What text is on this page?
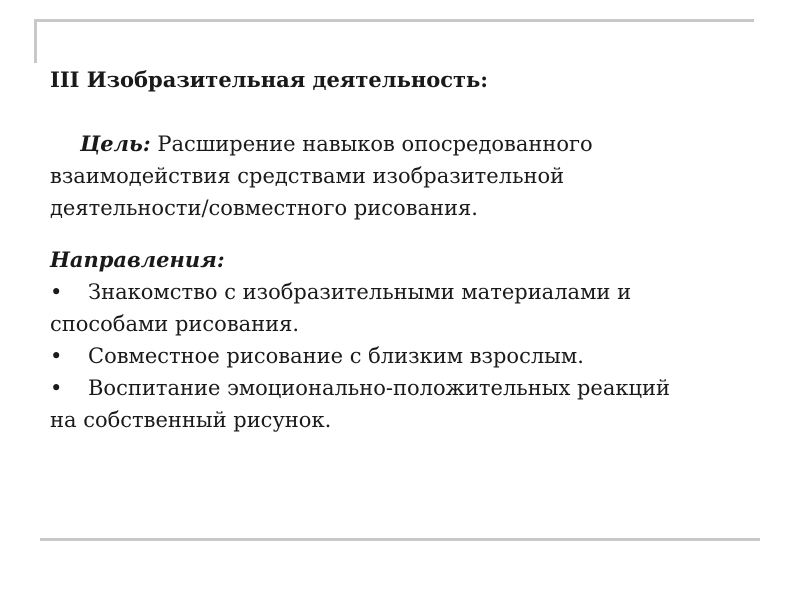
III Изобразительная деятельность:

Цель: Расширение навыков опосредованного

взаимодействия средствами изобразительной

деятельности/совместного рисования.

Направления:

• Знакомство с изобразительными материалами и

способами рисования.

• Совместное рисование с близким взрослым.

• Воспитание эмоционально-положительных реакций

на собственный рисунок.
